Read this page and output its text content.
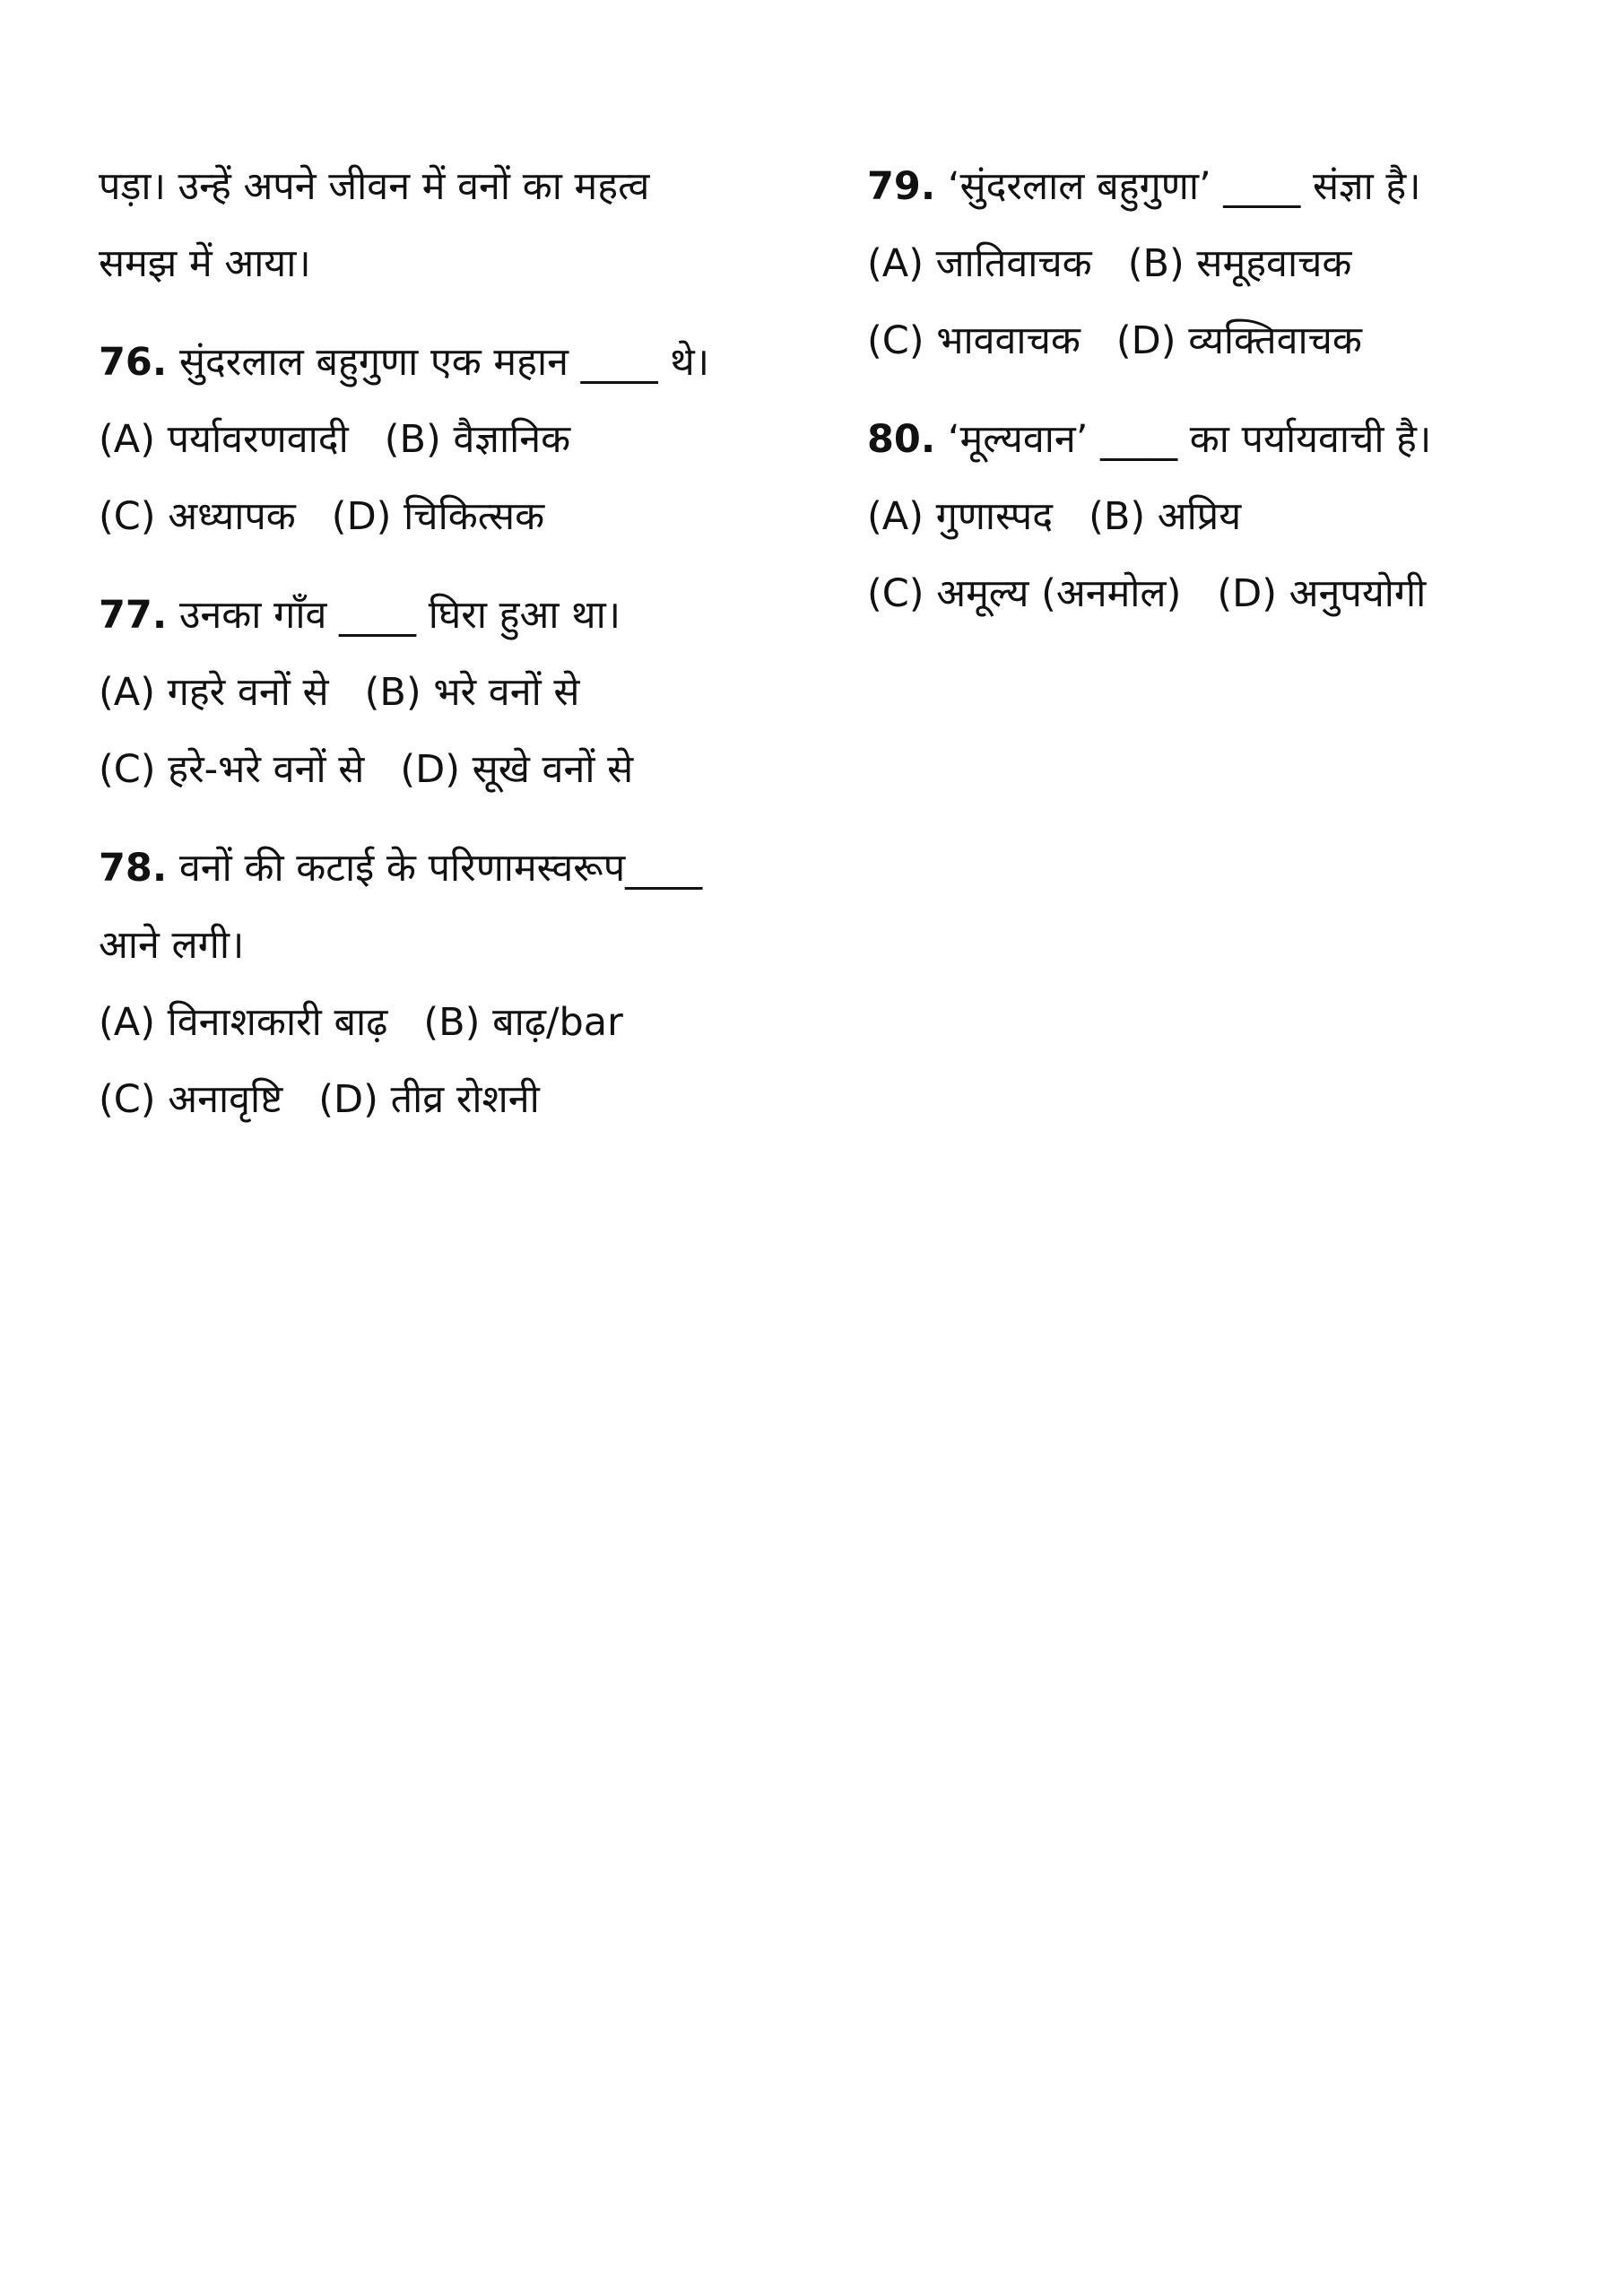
पड़ा। उन्हें अपने जीवन में वनों का महत्व
समझ में आया।
76. सुंदरलाल बहुगुणा एक महान ____ थे।
(A) पर्यावरणवादी (B) वैज्ञानिक
(C) अध्यापक (D) चिकित्सक
77. उनका गाँव ____ घिरा हुआ था।
(A) गहरे वनों से (B) भरे वनों से
(C) हरे-भरे वनों से (D) सूखे वनों से
78. वनों की कटाई के परिणामस्वरूप____
आने लगी।
(A) विनाशकारी बाढ़ (B) बाढ़/bar
(C) अनावृष्टि (D) तीव्र रोशनी
79. ‘सुंदरलाल बहुगुणा’ ____ संज्ञा है।
(A) जातिवाचक (B) समूहवाचक
(C) भाववाचक (D) व्यक्तिवाचक
80. ‘मूल्यवान’ ____ का पर्यायवाची है।
(A) गुणास्पद (B) अप्रिय
(C) अमूल्य (अनमोल) (D) अनुपयोगी
